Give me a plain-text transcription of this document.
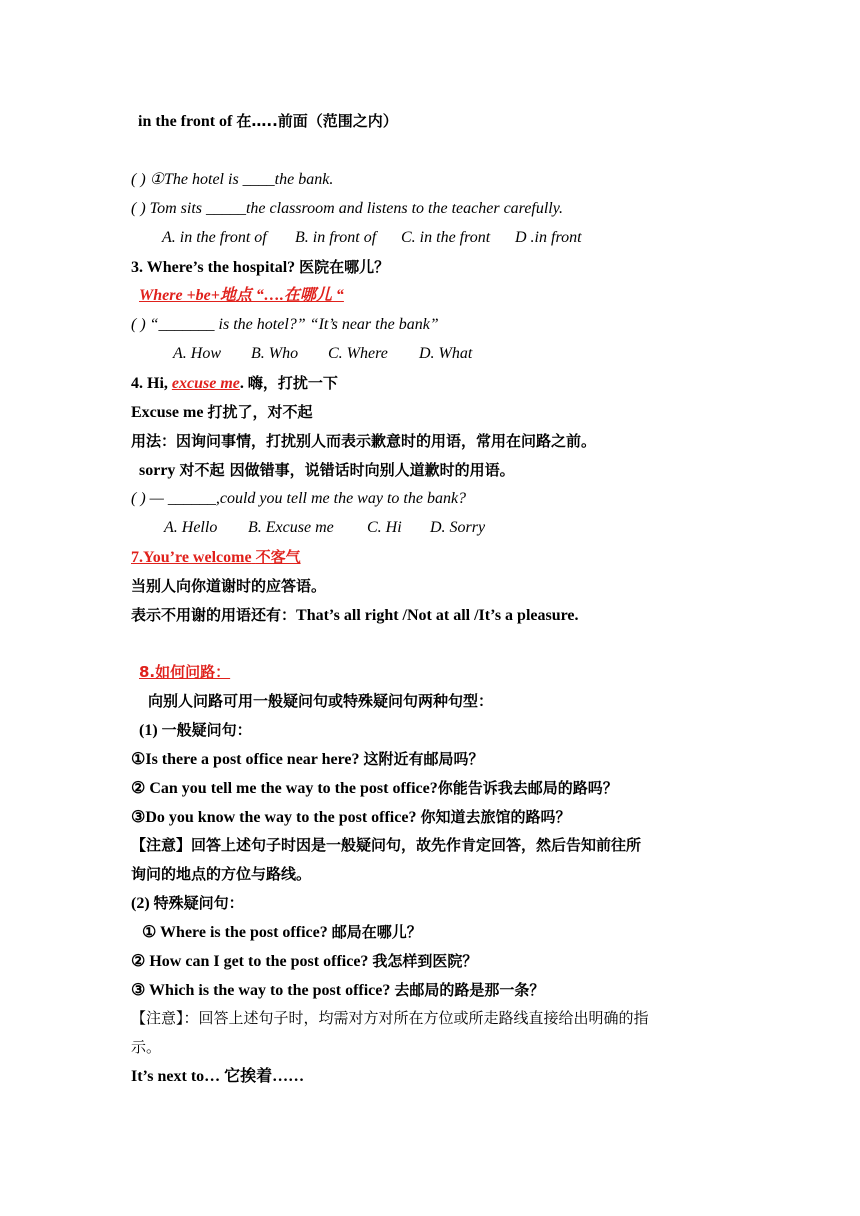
in the front of 在…..前面（范围之内）
( ) ①The hotel is ____the bank.
( ) Tom sits _____the classroom and listens to the teacher carefully.
A. in the front of B. in front of C. in the front D .in front
3. Where’s the hospital? 医院在哪儿？
Where +be+地点 “….在哪儿 “
( ) “_______ is the hotel?” “It’s near the bank”
A. How B. Who C. Where D. What
4. Hi, excuse me. 嗨，打扰一下
Excuse me 打扰了，对不起
用法：因询问事情，打扰别人而表示歉意时的用语，常用在问路之前。
sorry 对不起 因做错事，说错话时向别人道歉时的用语。
( ) — ______,could you tell me the way to the bank?
A. Hello B. Excuse me C. Hi D. Sorry
7.You’re welcome 不客气
当别人向你道谢时的应答语。
表示不用谢的用语还有：That’s all right /Not at all /It’s a pleasure.
8.如何问路：
向别人问路可用一般疑问句或特殊疑问句两种句型：
(1) 一般疑问句：
①Is there a post office near here? 这附近有邮局吗？
② Can you tell me the way to the post office?你能告诉我去邮局的路吗？
③Do you know the way to the post office? 你知道去旅馆的路吗？
【注意】回答上述句子时因是一般疑问句，故先作肯定回答，然后告知前往所
询问的地点的方位与路线。
(2) 特殊疑问句：
① Where is the post office? 邮局在哪儿？
② How can I get to the post office? 我怎样到医院？
③ Which is the way to the post office? 去邮局的路是那一条？
【注意】：回答上述句子时，均需对方对所在方位或所走路线直接给出明确的指
示。
It’s next to… 它挨着……
